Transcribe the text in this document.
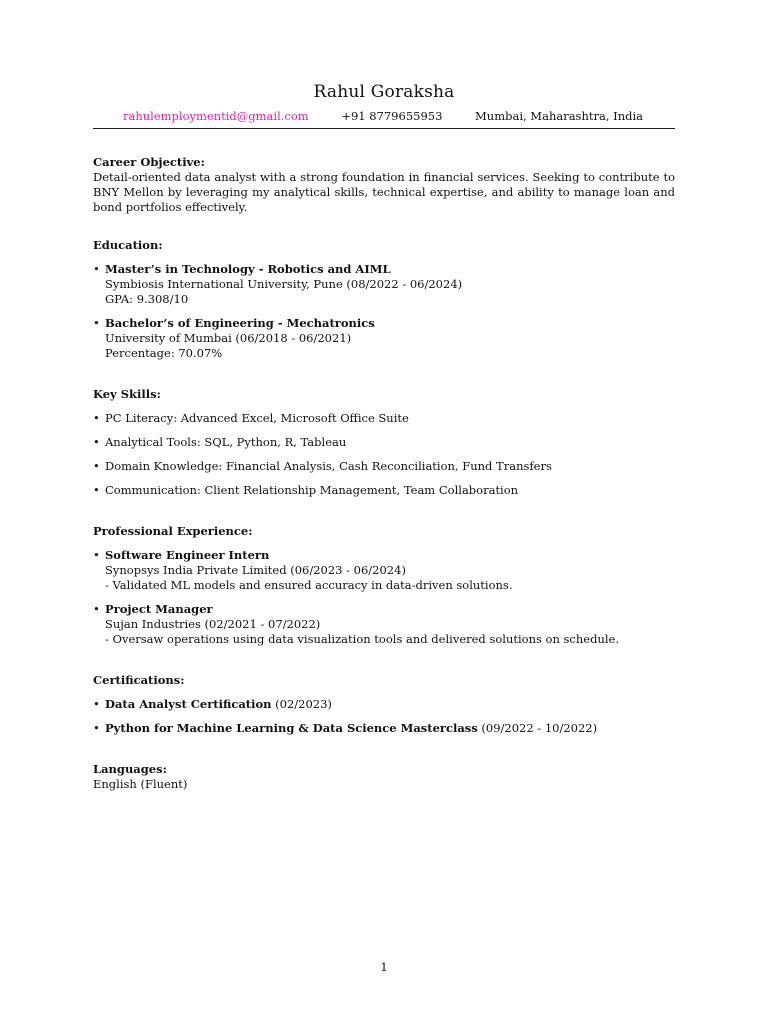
Rahul Goraksha
rahulemploymentid@gmail.com	+91 8779655953	Mumbai, Maharashtra, India

Career Objective:

Detail-oriented data analyst with a strong foundation in financial services. Seeking to contribute to BNY Mellon by leveraging my analytical skills, technical expertise, and ability to manage loan and bond portfolios effectively.

Education:

• Master’s in Technology - Robotics and AIML
Symbiosis International University, Pune (08/2022 - 06/2024)
GPA: 9.308/10
• Bachelor’s of Engineering - Mechatronics
University of Mumbai (06/2018 - 06/2021)
Percentage: 70.07%

Key Skills:

• PC Literacy: Advanced Excel, Microsoft Office Suite
• Analytical Tools: SQL, Python, R, Tableau
• Domain Knowledge: Financial Analysis, Cash Reconciliation, Fund Transfers
• Communication: Client Relationship Management, Team Collaboration

Professional Experience:

• Software Engineer Intern
Synopsys India Private Limited (06/2023 - 06/2024)
- Validated ML models and ensured accuracy in data-driven solutions.
• Project Manager
Sujan Industries (02/2021 - 07/2022)
- Oversaw operations using data visualization tools and delivered solutions on schedule.

Certifications:

• Data Analyst Certification (02/2023)
• Python for Machine Learning & Data Science Masterclass (09/2022 - 10/2022)

Languages:

English (Fluent)

1
